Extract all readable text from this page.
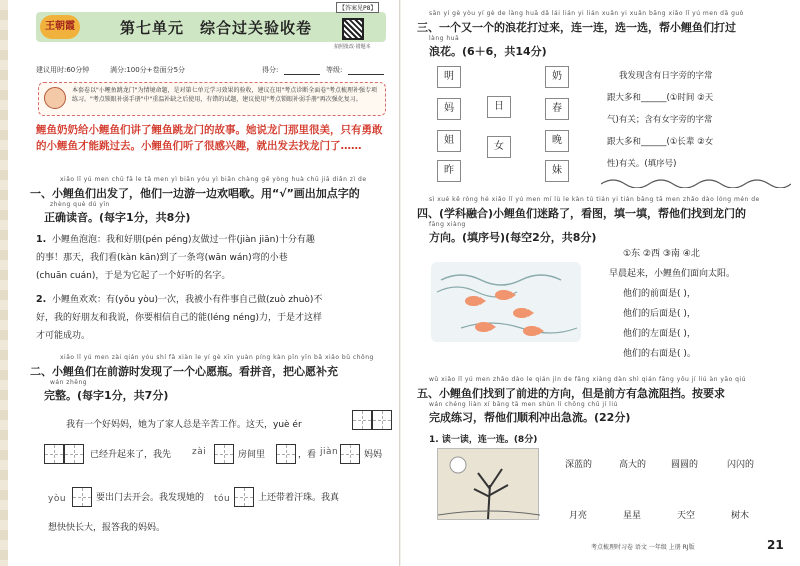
王朝霞	第七单元　综合过关验收卷
【答案见P8】
拍照批改·错题本
建议用时:60分钟	满分:100分+卷面分5分	得分:	等级:
本套卷以"小鲤鱼跳龙门"为情境命题，是对第七单元学习效果的验收，建议在用"考点诊断全面卷"考点梳理补强专项练习。"考点锁眼补弱手册"中"重温补缺之后使用，有错的试题，建议使用"考点锁眼补弱手册"再次强化复习。
鲤鱼奶奶给小鲤鱼们讲了鲤鱼跳龙门的故事。她说龙门那里很美，只有勇敢的小鲤鱼才能跳过去。小鲤鱼们听了很感兴趣，就出发去找龙门了……
xiǎo lǐ yú men chū fā le tā men yì biān yóu yì biān chàng gē yòng huà chū jiā diǎn zì de
一、小鲤鱼们出发了，他们一边游一边欢唱歌。用“√”画出加点字的
zhèng què dú yīn
正确读音。(每字1分，共8分)
1. 小鲤鱼泡泡：我和好朋(pén péng)友做过一件(jiàn jiān)十分有趣
的事！那天，我们看(kàn kān)到了一条弯(wān wán)弯的小巷
(chuān cuán)，于是为它起了一个好听的名字。
2. 小鲤鱼欢欢：有(yǒu yòu)一次，我被小有件事自己做(zuò zhuò)不
好，我的好朋友和我说，你要相信自己的能(léng néng)力，于是才这样
才可能成功。
xiǎo lǐ yú men zài qián yóu shí fā xiàn le yí gè xīn yuàn píng kàn pīn yīn bǎ xiǎo bǔ chōng
二、小鲤鱼们在前游时发现了一个心愿瓶。看拼音，把心愿补充
wán zhěng
完整。(每字1分，共7分)
我有一个好妈妈，她为了家人总是辛苦工作。这天，yuè ér
已经升起来了，我先 zài	房间里	，看 jiàn	妈妈
yòu	要出门去开会。我发现她的 tóu	上还带着汗珠。我真
想快快长大，报答我的妈妈。
sān yí gè yòu yí gè de làng huā dǎ lái lián yi lián xuǎn yi xuǎn bāng xiǎo lǐ yú men dǎ guò
三、一个又一个的浪花打过来，连一连，选一选，帮小鲤鱼们打过
làng huā
浪花。(6＋6，共14分)
明
妈
姐
昨
日
女
奶
春
晚
妹
我发现含有日字旁的字常
跟大多和______(①时间 ②天
气)有关；含有女字旁的字常
跟大多和______(①长辈 ②女
性)有关。(填序号)
sì xué kē róng hé xiǎo lǐ yú men mí lù le kàn tú tián yi tián bāng tā men zhǎo dào lóng mén de
四、(学科融合)小鲤鱼们迷路了，看图，填一填，帮他们找到龙门的
fāng xiàng
方向。(填序号)(每空2分，共8分)
①东 ②西 ③南 ④北
早晨起来，小鲤鱼们面向太阳。
他们的前面是( )，
他们的后面是( )，
他们的左面是( )，
他们的右面是( )。
wǔ xiǎo lǐ yú men zhǎo dào le qián jìn de fāng xiàng dàn shì qián fāng yǒu jí liú àn yāo qiú
五、小鲤鱼们找到了前进的方向，但是前方有急流阻挡。按要求
wán chéng liàn xí bāng tā men shùn lì chōng chū jí liú
完成练习，帮他们顺利冲出急流。(22分)
1. 读一读，连一连。(8分)
深蓝的	高大的	圆圆的	闪闪的
月亮	星星	天空	树木
考点梳理时习卷 语文 一年级 上册 RJ版	21
